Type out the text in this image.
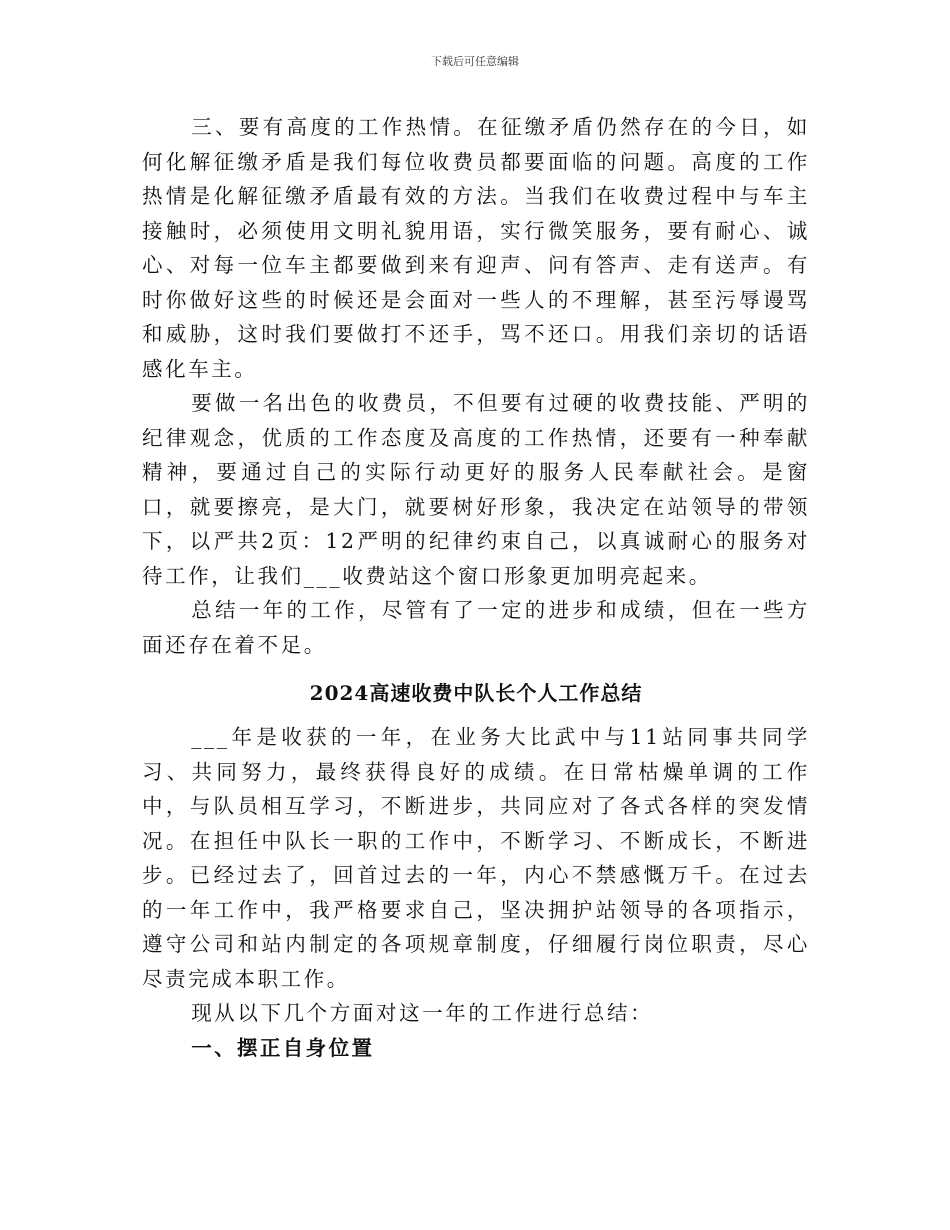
下载后可任意编辑

三、要有高度的工作热情。在征缴矛盾仍然存在的今日，如何化解征缴矛盾是我们每位收费员都要面临的问题。高度的工作热情是化解征缴矛盾最有效的方法。当我们在收费过程中与车主接触时，必须使用文明礼貌用语，实行微笑服务，要有耐心、诚心、对每一位车主都要做到来有迎声、问有答声、走有送声。有时你做好这些的时候还是会面对一些人的不理解，甚至污辱谩骂和威胁，这时我们要做打不还手，骂不还口。用我们亲切的话语感化车主。

要做一名出色的收费员，不但要有过硬的收费技能、严明的纪律观念，优质的工作态度及高度的工作热情，还要有一种奉献精神，要通过自己的实际行动更好的服务人民奉献社会。是窗口，就要擦亮，是大门，就要树好形象，我决定在站领导的带领下，以严共2页：12严明的纪律约束自己，以真诚耐心的服务对待工作，让我们___收费站这个窗口形象更加明亮起来。

总结一年的工作，尽管有了一定的进步和成绩，但在一些方面还存在着不足。

2024高速收费中队长个人工作总结

___年是收获的一年，在业务大比武中与11站同事共同学习、共同努力，最终获得良好的成绩。在日常枯燥单调的工作中，与队员相互学习，不断进步，共同应对了各式各样的突发情况。在担任中队长一职的工作中，不断学习、不断成长，不断进步。已经过去了，回首过去的一年，内心不禁感慨万千。在过去的一年工作中，我严格要求自己，坚决拥护站领导的各项指示，遵守公司和站内制定的各项规章制度，仔细履行岗位职责，尽心尽责完成本职工作。

现从以下几个方面对这一年的工作进行总结：

一、摆正自身位置
